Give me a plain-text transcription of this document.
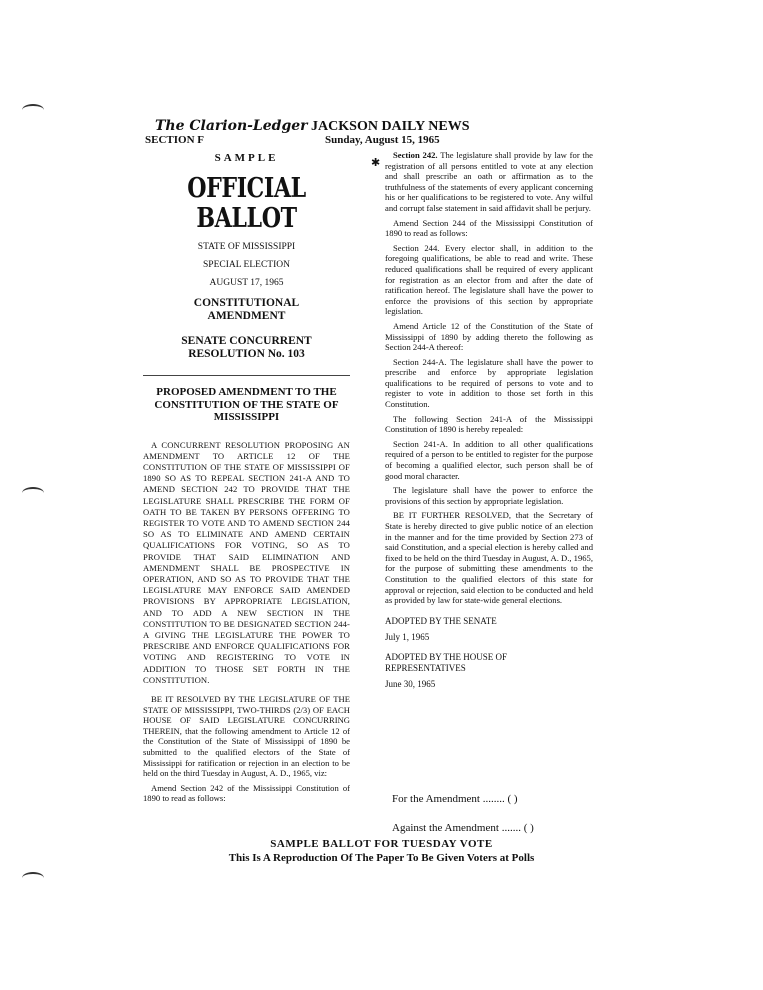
The Clarion-Ledger JACKSON DAILY NEWS
SECTION F	Sunday, August 15, 1965
SAMPLE
OFFICIAL BALLOT
STATE OF MISSISSIPPI
SPECIAL ELECTION
AUGUST 17, 1965
CONSTITUTIONAL AMENDMENT
SENATE CONCURRENT RESOLUTION No. 103
PROPOSED AMENDMENT TO THE CONSTITUTION OF THE STATE OF MISSISSIPPI

A CONCURRENT RESOLUTION PROPOSING AN AMENDMENT TO ARTICLE 12 OF THE CONSTITUTION OF THE STATE OF MISSISSIPPI OF 1890 SO AS TO REPEAL SECTION 241-A AND TO AMEND SECTION 242 TO PROVIDE THAT THE LEGISLATURE SHALL PRESCRIBE THE FORM OF OATH TO BE TAKEN BY PERSONS OFFERING TO REGISTER TO VOTE AND TO AMEND SECTION 244 SO AS TO ELIMINATE AND AMEND CERTAIN QUALIFICATIONS FOR VOTING, SO AS TO PROVIDE THAT SAID ELIMINATION AND AMENDMENT SHALL BE PROSPECTIVE IN OPERATION, AND SO AS TO PROVIDE THAT THE LEGISLATURE MAY ENFORCE SAID AMENDED PROVISIONS BY APPROPRIATE LEGISLATION, AND TO ADD A NEW SECTION IN THE CONSTITUTION TO BE DESIGNATED SECTION 244-A GIVING THE LEGISLATURE THE POWER TO PRESCRIBE AND ENFORCE QUALIFICATIONS FOR VOTING AND REGISTERING TO VOTE IN ADDITION TO THOSE SET FORTH IN THE CONSTITUTION.

BE IT RESOLVED BY THE LEGISLATURE OF THE STATE OF MISSISSIPPI, TWO-THIRDS (2/3) OF EACH HOUSE OF SAID LEGISLATURE CONCURRING THEREIN, that the following amendment to Article 12 of the Constitution of the State of Mississippi of 1890 be submitted to the qualified electors of the State of Mississippi for ratification or rejection in an election to be held on the third Tuesday in August, A. D., 1965, viz:

Amend Section 242 of the Mississippi Constitution of 1890 to read as follows:

✱

Section 242. The legislature shall provide by law for the registration of all persons entitled to vote at any election and shall prescribe an oath or affirmation as to the truthfulness of the statements of every applicant concerning his or her qualifications to be registered to vote. Any wilful and corrupt false statement in said affidavit shall be perjury.

Amend Section 244 of the Mississippi Constitution of 1890 to read as follows:

Section 244. Every elector shall, in addition to the foregoing qualifications, be able to read and write. These reduced qualifications shall be required of every applicant for registration as an elector from and after the date of ratification hereof. The legislature shall have the power to enforce the provisions of this section by appropriate legislation.

Amend Article 12 of the Constitution of the State of Mississippi of 1890 by adding thereto the following as Section 244-A thereof:

Section 244-A. The legislature shall have the power to prescribe and enforce by appropriate legislation qualifications to be required of persons to vote and to register to vote in addition to those set forth in this Constitution.

The following Section 241-A of the Mississippi Constitution of 1890 is hereby repealed:

Section 241-A. In addition to all other qualifications required of a person to be entitled to register for the purpose of becoming a qualified elector, such person shall be of good moral character.

The legislature shall have the power to enforce the provisions of this section by appropriate legislation.

BE IT FURTHER RESOLVED, that the Secretary of State is hereby directed to give public notice of an election in the manner and for the time provided by Section 273 of said Constitution, and a special election is hereby called and fixed to be held on the third Tuesday in August, A. D., 1965, for the purpose of submitting these amendments to the Constitution to the qualified electors of this state for approval or rejection, said election to be conducted and held as provided by law for state-wide general elections.

ADOPTED BY THE SENATE
July 1, 1965
ADOPTED BY THE HOUSE OF REPRESENTATIVES
June 30, 1965
For the Amendment ........ ( )
Against the Amendment ....... ( )
SAMPLE BALLOT FOR TUESDAY VOTE
This Is A Reproduction Of The Paper To Be Given Voters at Polls
